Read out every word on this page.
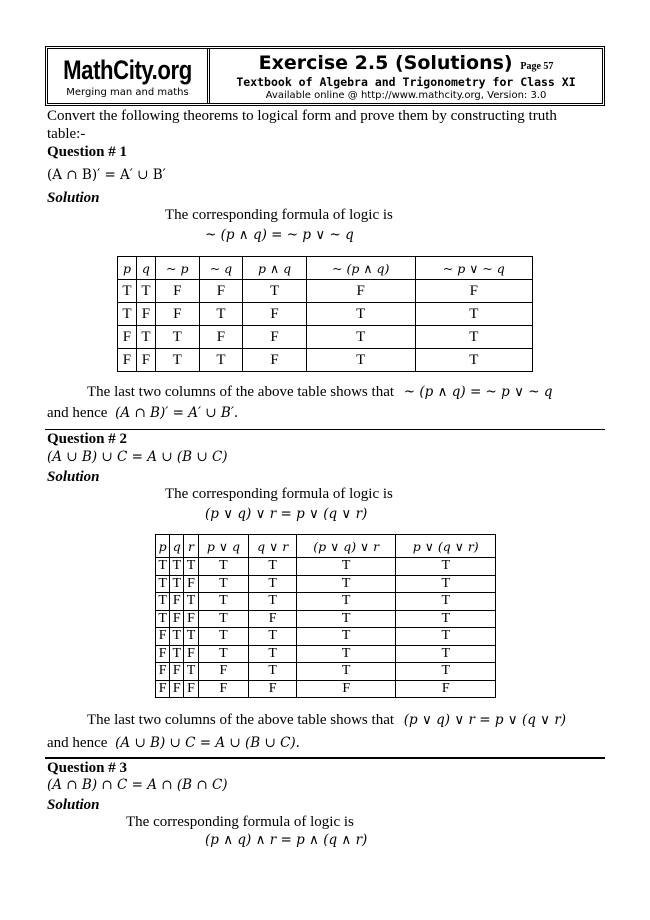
MathCity.org
Merging man and maths
Exercise 2.5 (Solutions) Page 57
Textbook of Algebra and Trigonometry for Class XI
Available online @ http://www.mathcity.org, Version: 3.0
Convert the following theorems to logical form and prove them by constructing truth
table:-
Question # 1
(A ∩ B)′ = A′ ∪ B′
Solution
The corresponding formula of logic is
~ (p ∧ q) = ~ p ∨ ~ q
p	q	~ p	~ q	p ∧ q	~ (p ∧ q)	~ p ∨ ~ q
T	T	F	F	T	F	F
T	F	F	T	F	T	T
F	T	T	F	F	T	T
F	F	T	T	F	T	T
The last two columns of the above table shows that ~ (p ∧ q) = ~ p ∨ ~ q
and hence (A ∩ B)′ = A′ ∪ B′.
Question # 2
(A ∪ B) ∪ C = A ∪ (B ∪ C)
Solution
The corresponding formula of logic is
(p ∨ q) ∨ r = p ∨ (q ∨ r)
p	q	r	p ∨ q	q ∨ r	(p ∨ q) ∨ r	p ∨ (q ∨ r)
T	T	T	T	T	T	T
T	T	F	T	T	T	T
T	F	T	T	T	T	T
T	F	F	T	F	T	T
F	T	T	T	T	T	T
F	T	F	T	T	T	T
F	F	T	F	T	T	T
F	F	F	F	F	F	F
The last two columns of the above table shows that (p ∨ q) ∨ r = p ∨ (q ∨ r)
and hence (A ∪ B) ∪ C = A ∪ (B ∪ C).
Question # 3
(A ∩ B) ∩ C = A ∩ (B ∩ C)
Solution
The corresponding formula of logic is
(p ∧ q) ∧ r = p ∧ (q ∧ r)
